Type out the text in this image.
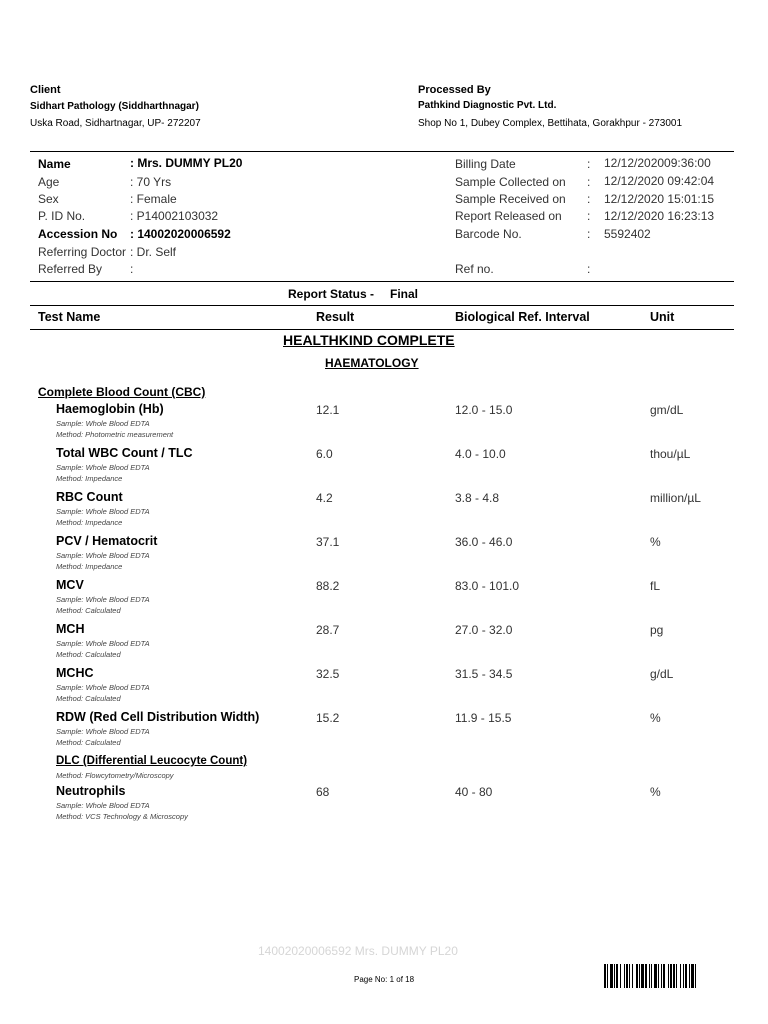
Client
Sidhart Pathology (Siddharthnagar)
Uska Road, Sidhartnagar, UP- 272207
Processed By
Pathkind Diagnostic Pvt. Ltd.
Shop No 1, Dubey Complex, Bettihata, Gorakhpur - 273001
Name	: Mrs. DUMMY PL20
Age	: 70 Yrs
Sex	: Female
P. ID No.	: P14002103032
Accession No : 14002020006592
Referring Doctor : Dr. Self
Referred By :
Billing Date	: 12/12/202009:36:00
Sample Collected on : 12/12/2020 09:42:04
Sample Received on : 12/12/2020 15:01:15
Report Released on : 12/12/2020 16:23:13
Barcode No.	: 5592402
Ref no.	:
Report Status - Final
Test Name	Result	Biological Ref. Interval	Unit
HEALTHKIND COMPLETE
HAEMATOLOGY
Complete Blood Count (CBC)
Haemoglobin (Hb)
Sample: Whole Blood EDTA
Method: Photometric measurement
12.1	12.0 - 15.0	gm/dL
Total WBC Count / TLC
Sample: Whole Blood EDTA
Method: Impedance
6.0	4.0 - 10.0	thou/µL
RBC Count
Sample: Whole Blood EDTA
Method: Impedance
4.2	3.8 - 4.8	million/µL
PCV / Hematocrit
Sample: Whole Blood EDTA
Method: Impedance
37.1	36.0 - 46.0	%
MCV
Sample: Whole Blood EDTA
Method: Calculated
88.2	83.0 - 101.0	fL
MCH
Sample: Whole Blood EDTA
Method: Calculated
28.7	27.0 - 32.0	pg
MCHC
Sample: Whole Blood EDTA
Method: Calculated
32.5	31.5 - 34.5	g/dL
RDW (Red Cell Distribution Width)
Sample: Whole Blood EDTA
Method: Calculated
15.2	11.9 - 15.5	%
DLC (Differential Leucocyte Count)
Method: Flowcytometry/Microscopy
Neutrophils
Sample: Whole Blood EDTA
Method: VCS Technology & Microscopy
68	40 - 80	%
14002020006592 Mrs. DUMMY PL20
Page No: 1 of 18
